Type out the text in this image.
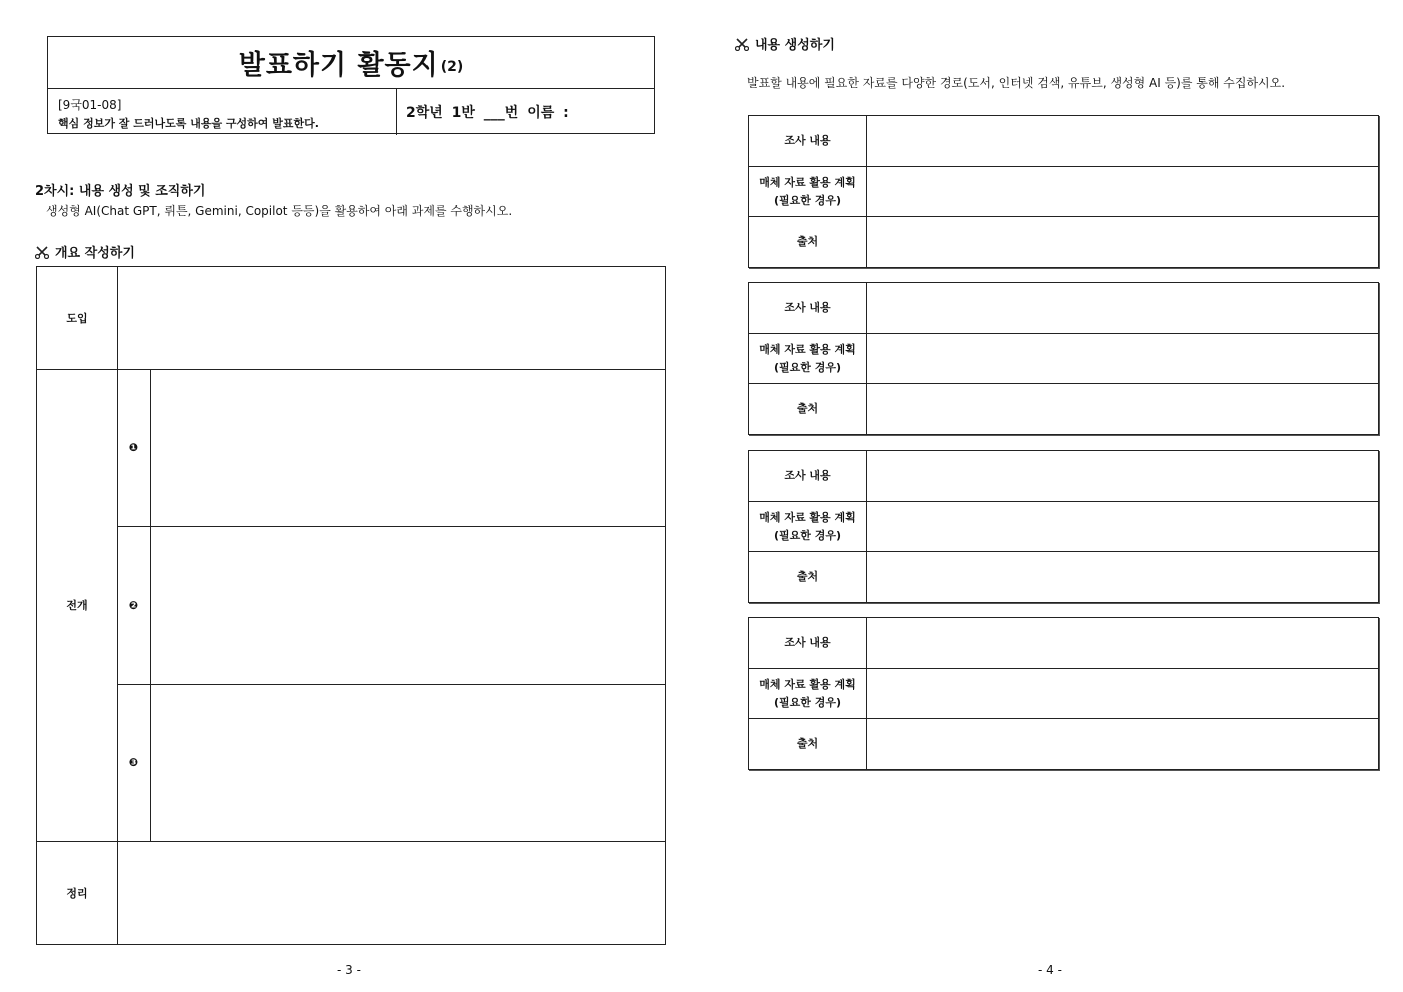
발표하기 활동지 (2)
[9국01-08]
핵심 정보가 잘 드러나도록 내용을 구성하여 발표한다.
2학년 1반 ___번 이름 :
2차시: 내용 생성 및 조직하기
생성형 AI(Chat GPT, 뤼튼, Gemini, Copilot 등등)을 활용하여 아래 과제를 수행하시오.
개요 작성하기
도입
전개
❶
❷
❸
정리
- 3 -
내용 생성하기
발표할 내용에 필요한 자료를 다양한 경로(도서, 인터넷 검색, 유튜브, 생성형 AI 등)를 통해 수집하시오.
조사 내용
매체 자료 활용 계획
(필요한 경우)
출처
조사 내용
매체 자료 활용 계획
(필요한 경우)
출처
조사 내용
매체 자료 활용 계획
(필요한 경우)
출처
조사 내용
매체 자료 활용 계획
(필요한 경우)
출처
- 4 -
